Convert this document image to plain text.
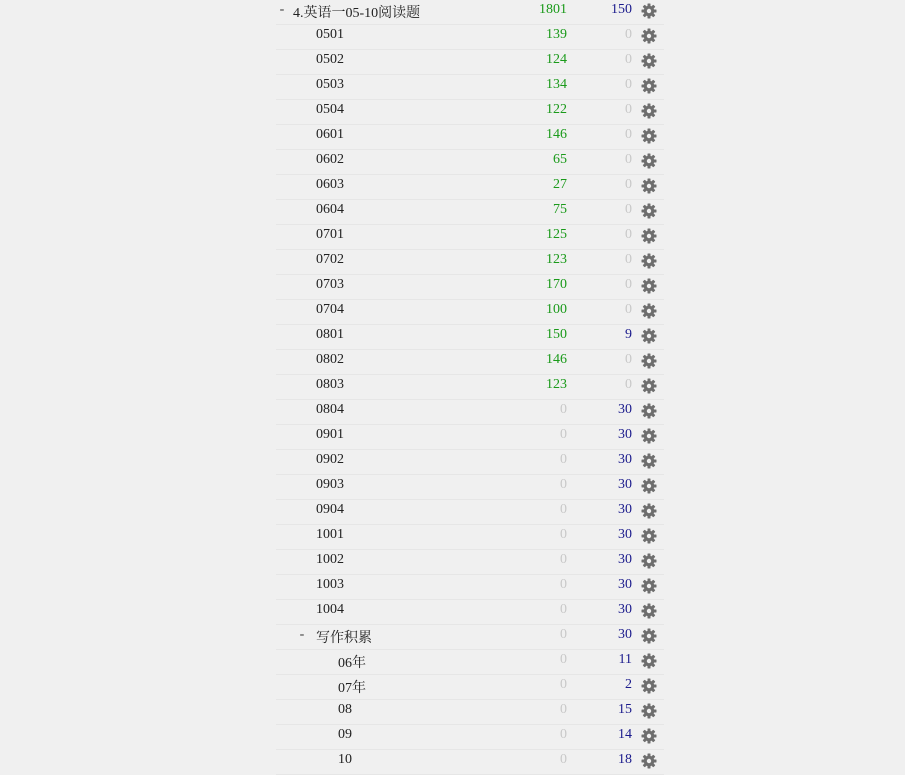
- 4.英语一05-10阅读题	1801	150
0501	139	0
0502	124	0
0503	134	0
0504	122	0
0601	146	0
0602	65	0
0603	27	0
0604	75	0
0701	125	0
0702	123	0
0703	170	0
0704	100	0
0801	150	9
0802	146	0
0803	123	0
0804	0	30
0901	0	30
0902	0	30
0903	0	30
0904	0	30
1001	0	30
1002	0	30
1003	0	30
1004	0	30
- 写作积累	0	30
06年	0	11
07年	0	2
08	0	15
09	0	14
10	0	18
